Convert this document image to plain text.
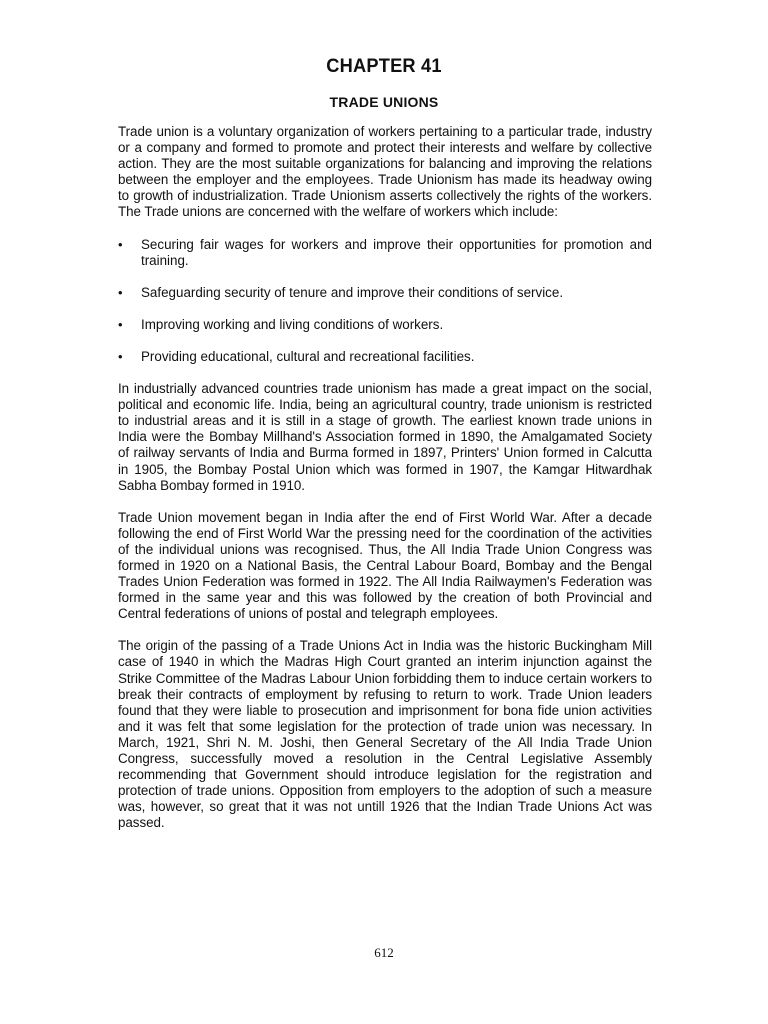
CHAPTER 41
TRADE UNIONS

Trade union is a voluntary organization of workers pertaining to a particular trade, industry or a company and formed to promote and protect their interests and welfare by collective action. They are the most suitable organizations for balancing and improving the relations between the employer and the employees. Trade Unionism has made its headway owing to growth of industrialization. Trade Unionism asserts collectively the rights of the workers. The Trade unions are concerned with the welfare of workers which include:

• Securing fair wages for workers and improve their opportunities for promotion and training.
• Safeguarding security of tenure and improve their conditions of service.
• Improving working and living conditions of workers.
• Providing educational, cultural and recreational facilities.

In industrially advanced countries trade unionism has made a great impact on the social, political and economic life. India, being an agricultural country, trade unionism is restricted to industrial areas and it is still in a stage of growth. The earliest known trade unions in India were the Bombay Millhand's Association formed in 1890, the Amalgamated Society of railway servants of India and Burma formed in 1897, Printers' Union formed in Calcutta in 1905, the Bombay Postal Union which was formed in 1907, the Kamgar Hitwardhak Sabha Bombay formed in 1910.

Trade Union movement began in India after the end of First World War. After a decade following the end of First World War the pressing need for the coordination of the activities of the individual unions was recognised. Thus, the All India Trade Union Congress was formed in 1920 on a National Basis, the Central Labour Board, Bombay and the Bengal Trades Union Federation was formed in 1922. The All India Railwaymen's Federation was formed in the same year and this was followed by the creation of both Provincial and Central federations of unions of postal and telegraph employees.

The origin of the passing of a Trade Unions Act in India was the historic Buckingham Mill case of 1940 in which the Madras High Court granted an interim injunction against the Strike Committee of the Madras Labour Union forbidding them to induce certain workers to break their contracts of employment by refusing to return to work. Trade Union leaders found that they were liable to prosecution and imprisonment for bona fide union activities and it was felt that some legislation for the protection of trade union was necessary. In March, 1921, Shri N. M. Joshi, then General Secretary of the All India Trade Union Congress, successfully moved a resolution in the Central Legislative Assembly recommending that Government should introduce legislation for the registration and protection of trade unions. Opposition from employers to the adoption of such a measure was, however, so great that it was not untill 1926 that the Indian Trade Unions Act was passed.

612
